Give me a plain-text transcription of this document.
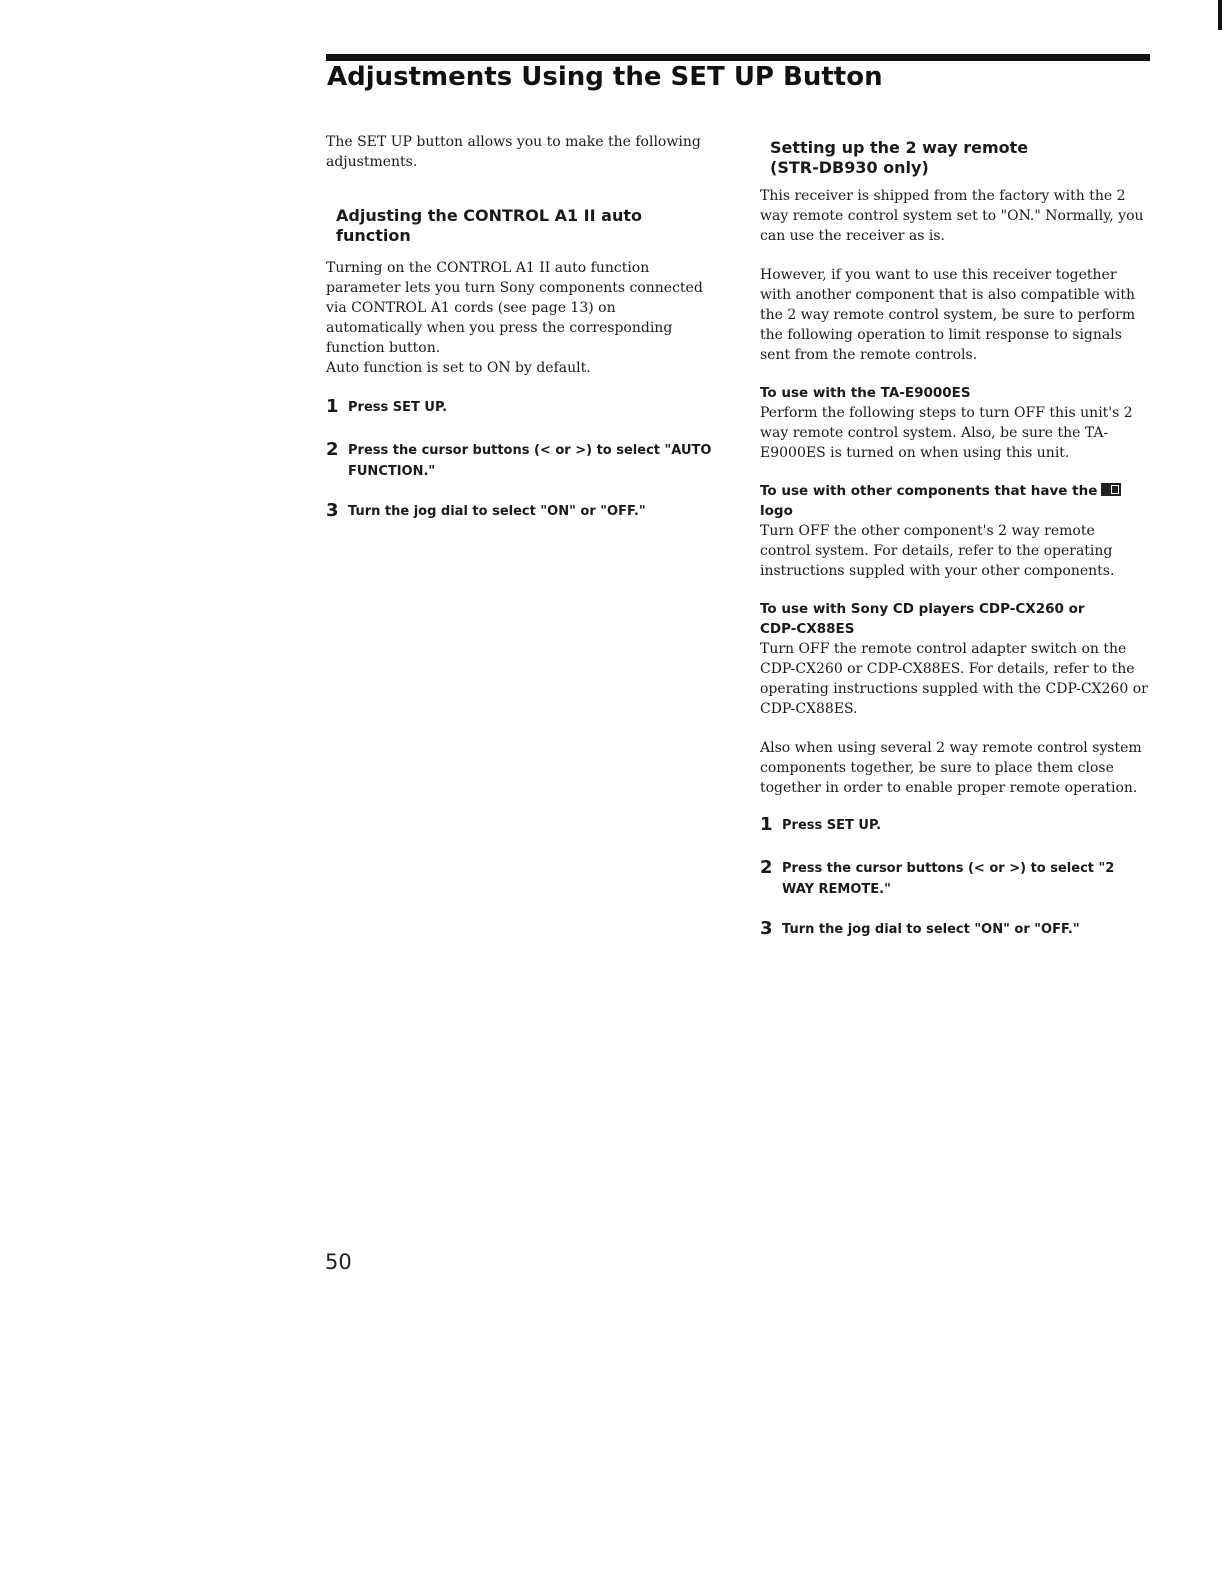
Adjustments Using the SET UP Button

The SET UP button allows you to make the following adjustments.

Adjusting the CONTROL A1 II auto function

Turning on the CONTROL A1 II auto function parameter lets you turn Sony components connected via CONTROL A1 cords (see page 13) on automatically when you press the corresponding function button.

Auto function is set to ON by default.

1 Press SET UP.
2 Press the cursor buttons (< or >) to select "AUTO FUNCTION."
3 Turn the jog dial to select "ON" or "OFF."
Setting up the 2 way remote (STR-DB930 only)

This receiver is shipped from the factory with the 2 way remote control system set to "ON." Normally, you can use the receiver as is.

However, if you want to use this receiver together with another component that is also compatible with the 2 way remote control system, be sure to perform the following operation to limit response to signals sent from the remote controls.

To use with the TA-E9000ES

Perform the following steps to turn OFF this unit's 2 way remote control system. Also, be sure the TA-E9000ES is turned on when using this unit.

To use with other components that have the
logo

Turn OFF the other component's 2 way remote control system. For details, refer to the operating instructions suppled with your other components.

To use with Sony CD players CDP-CX260 or CDP-CX88ES

Turn OFF the remote control adapter switch on the CDP-CX260 or CDP-CX88ES. For details, refer to the operating instructions suppled with the CDP-CX260 or CDP-CX88ES.

Also when using several 2 way remote control system components together, be sure to place them close together in order to enable proper remote operation.

1 Press SET UP.
2 Press the cursor buttons (< or >) to select "2 WAY REMOTE."
3 Turn the jog dial to select "ON" or "OFF."
50
